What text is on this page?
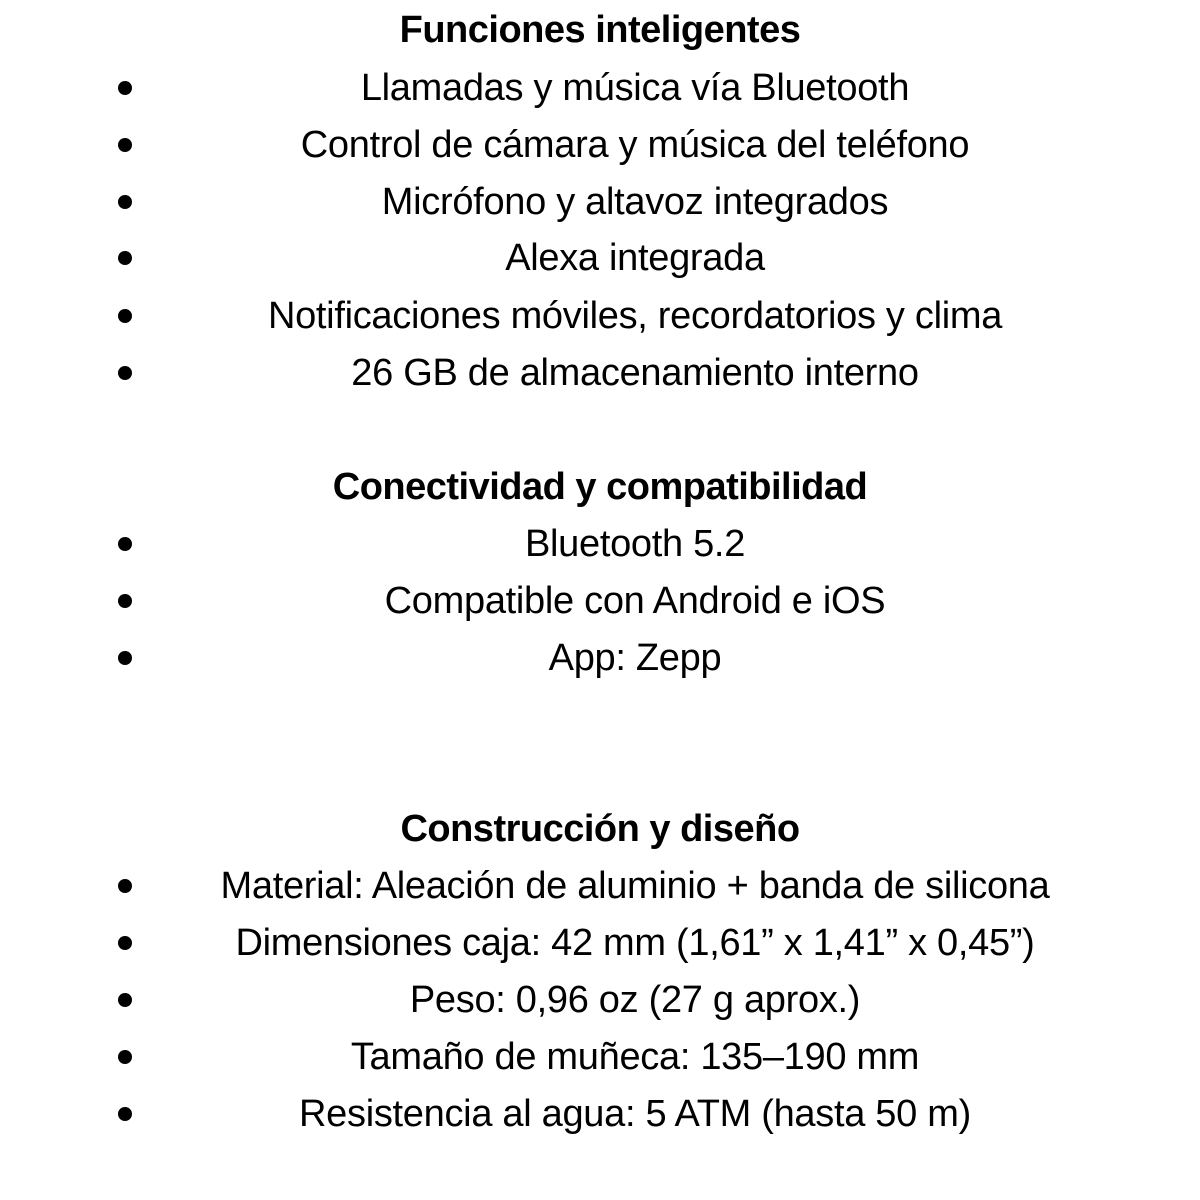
Funciones inteligentes
Llamadas y música vía Bluetooth
Control de cámara y música del teléfono
Micrófono y altavoz integrados
Alexa integrada
Notificaciones móviles, recordatorios y clima
26 GB de almacenamiento interno
Conectividad y compatibilidad
Bluetooth 5.2
Compatible con Android e iOS
App: Zepp
Construcción y diseño
Material: Aleación de aluminio + banda de silicona
Dimensiones caja: 42 mm (1,61” x 1,41” x 0,45”)
Peso: 0,96 oz (27 g aprox.)
Tamaño de muñeca: 135–190 mm
Resistencia al agua: 5 ATM (hasta 50 m)
